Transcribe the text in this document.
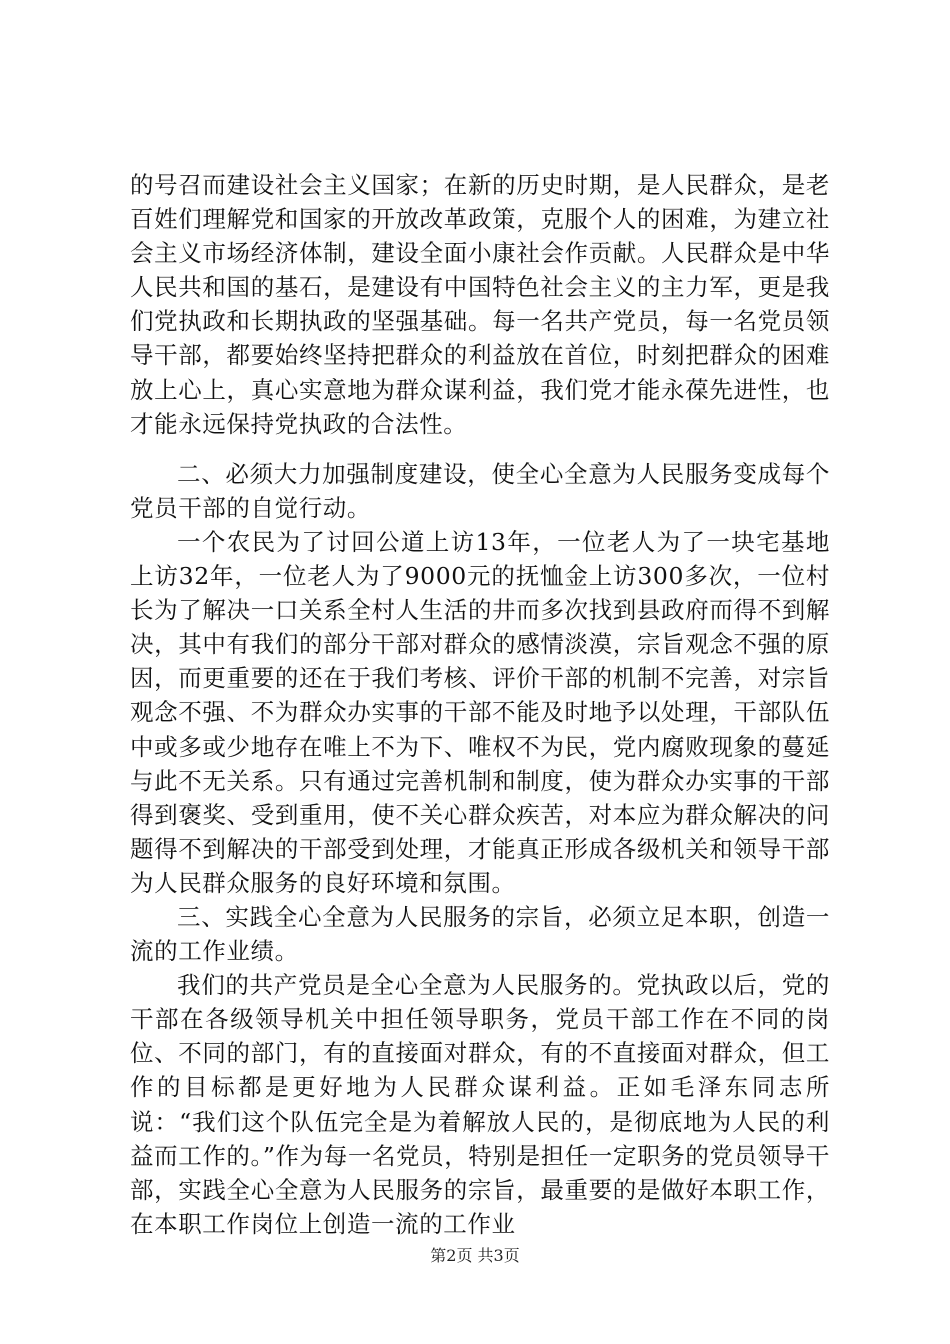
的号召而建设社会主义国家；在新的历史时期，是人民群众，是老百姓们理解党和国家的开放改革政策，克服个人的困难，为建立社会主义市场经济体制，建设全面小康社会作贡献。人民群众是中华人民共和国的基石，是建设有中国特色社会主义的主力军，更是我们党执政和长期执政的坚强基础。每一名共产党员，每一名党员领导干部，都要始终坚持把群众的利益放在首位，时刻把群众的困难放上心上，真心实意地为群众谋利益，我们党才能永葆先进性，也才能永远保持党执政的合法性。

二、必须大力加强制度建设，使全心全意为人民服务变成每个党员干部的自觉行动。

一个农民为了讨回公道上访13年，一位老人为了一块宅基地上访32年，一位老人为了9000元的抚恤金上访300多次，一位村长为了解决一口关系全村人生活的井而多次找到县政府而得不到解决，其中有我们的部分干部对群众的感情淡漠，宗旨观念不强的原因，而更重要的还在于我们考核、评价干部的机制不完善，对宗旨观念不强、不为群众办实事的干部不能及时地予以处理，干部队伍中或多或少地存在唯上不为下、唯权不为民，党内腐败现象的蔓延与此不无关系。只有通过完善机制和制度，使为群众办实事的干部得到褒奖、受到重用，使不关心群众疾苦，对本应为群众解决的问题得不到解决的干部受到处理，才能真正形成各级机关和领导干部为人民群众服务的良好环境和氛围。

三、实践全心全意为人民服务的宗旨，必须立足本职，创造一流的工作业绩。

我们的共产党员是全心全意为人民服务的。党执政以后，党的干部在各级领导机关中担任领导职务，党员干部工作在不同的岗位、不同的部门，有的直接面对群众，有的不直接面对群众，但工作的目标都是更好地为人民群众谋利益。正如毛泽东同志所说：“我们这个队伍完全是为着解放人民的，是彻底地为人民的利益而工作的。”作为每一名党员，特别是担任一定职务的党员领导干部，实践全心全意为人民服务的宗旨，最重要的是做好本职工作，在本职工作岗位上创造一流的工作业

第2页 共3页
